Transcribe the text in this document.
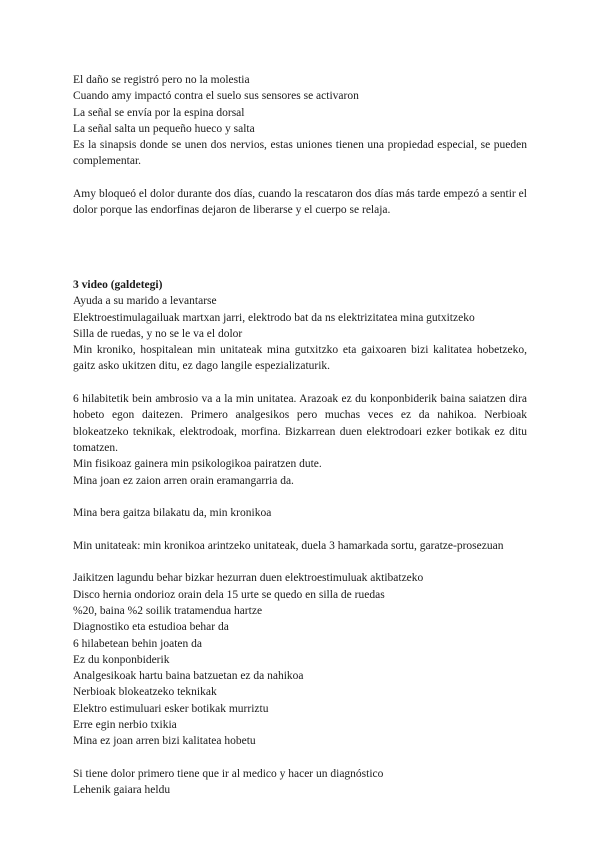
El daño se registró pero no la molestia
Cuando amy impactó contra el suelo sus sensores se activaron
La señal se envía por la espina dorsal
La señal salta un pequeño hueco y salta
Es la sinapsis donde se unen dos nervios, estas uniones tienen una propiedad especial, se pueden complementar.
Amy bloqueó el dolor durante dos días, cuando la rescataron dos días más tarde empezó a sentir el dolor porque las endorfinas dejaron de liberarse y el cuerpo se relaja.
3 video (galdetegi)
Ayuda a su marido a levantarse
Elektroestimulagailuak martxan jarri, elektrodo bat da ns elektrizitatea mina gutxitzeko
Silla de ruedas, y no se le va el dolor
Min kroniko, hospitalean min unitateak mina gutxitzko eta gaixoaren bizi kalitatea hobetzeko, gaitz asko ukitzen ditu, ez dago langile espezializaturik.
6 hilabitetik bein ambrosio va a la min unitatea. Arazoak ez du konponbiderik baina saiatzen dira hobeto egon daitezen. Primero analgesikos pero muchas veces ez da nahikoa. Nerbioak blokeatzeko teknikak, elektrodoak, morfina. Bizkarrean duen elektrodoari ezker botikak ez ditu tomatzen.
Min fisikoaz gainera min psikologikoa pairatzen dute.
Mina joan ez zaion arren orain eramangarria da.
Mina bera gaitza bilakatu da, min kronikoa
Min unitateak: min kronikoa arintzeko unitateak, duela 3 hamarkada sortu, garatze-prosezuan
Jaikitzen lagundu behar bizkar hezurran duen elektroestimuluak aktibatzeko
Disco hernia ondorioz orain dela 15 urte se quedo en silla de ruedas
%20, baina %2 soilik tratamendua hartze
Diagnostiko eta estudioa behar da
6 hilabetean behin joaten da
Ez du konponbiderik
Analgesikoak hartu baina batzuetan ez da nahikoa
Nerbioak blokeatzeko teknikak
Elektro estimuluari esker botikak murriztu
Erre egin nerbio txikia
Mina ez joan arren bizi kalitatea hobetu
Si tiene dolor primero tiene que ir al medico y hacer un diagnóstico
Lehenik gaiara heldu
